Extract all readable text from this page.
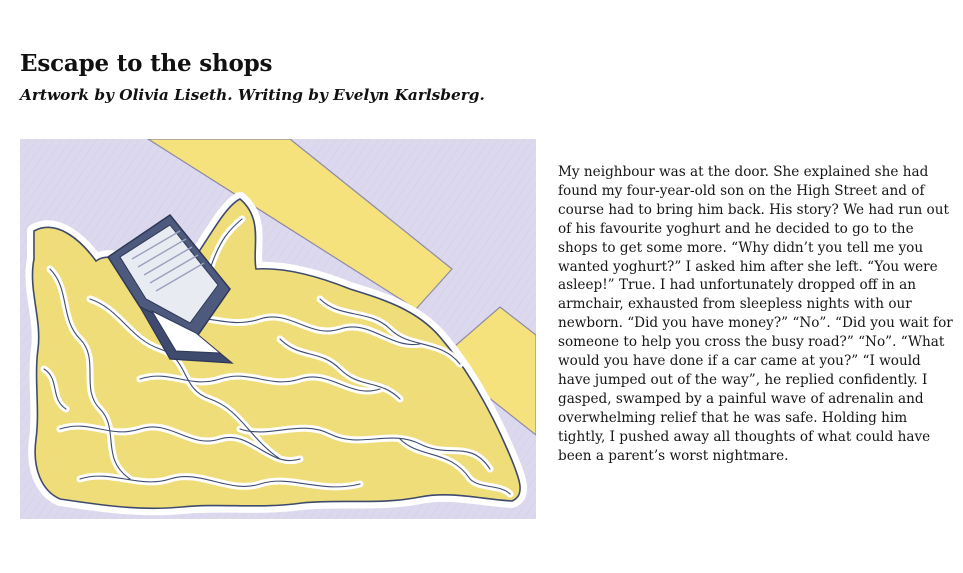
Escape to the shops

Artwork by Olivia Liseth. Writing by Evelyn Karlsberg.

My neighbour was at the door. She explained she had found my four-year-old son on the High Street and of course had to bring him back. His story? We had run out of his favourite yoghurt and he decided to go to the shops to get some more. “Why didn’t you tell me you wanted yoghurt?” I asked him after she left. “You were asleep!” True. I had unfortunately dropped off in an armchair, exhausted from sleepless nights with our newborn. “Did you have money?” “No”. “Did you wait for someone to help you cross the busy road?” “No”. “What would you have done if a car came at you?” “I would have jumped out of the way”, he replied confidently. I gasped, swamped by a painful wave of adrenalin and overwhelming relief that he was safe. Holding him tightly, I pushed away all thoughts of what could have been a parent’s worst nightmare.
